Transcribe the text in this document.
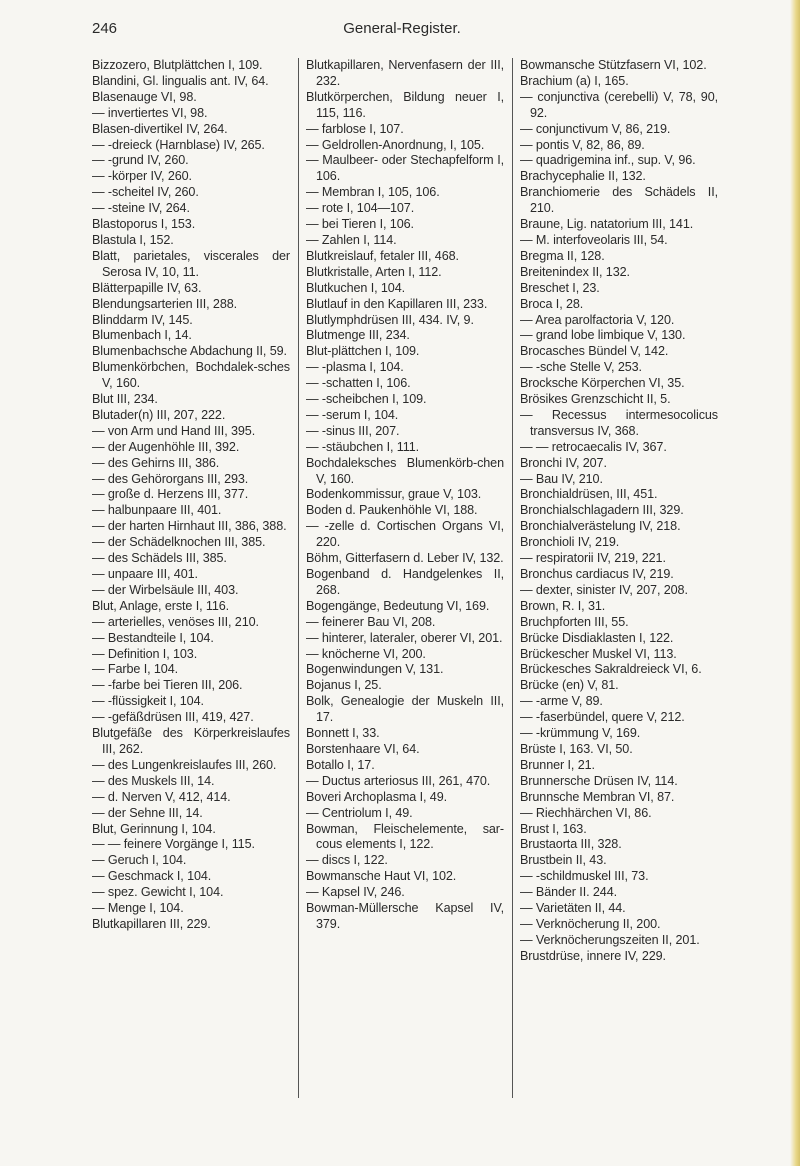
246	General-Register.

Bizzozero, Blutplättchen I, 109.

Blandini, Gl. lingualis ant. IV, 64.

Blasenauge VI, 98.

— invertiertes VI, 98.

Blasen-divertikel IV, 264.

— -dreieck (Harnblase) IV, 265.

— -grund IV, 260.

— -körper IV, 260.

— -scheitel IV, 260.

— -steine IV, 264.

Blastoporus I, 153.

Blastula I, 152.

Blatt, parietales, viscerales der Serosa IV, 10, 11.

Blätterpapille IV, 63.

Blendungsarterien III, 288.

Blinddarm IV, 145.

Blumenbach I, 14.

Blumenbachsche Abdachung II, 59.

Blumenkörbchen, Bochdalek-sches V, 160.

Blut III, 234.

Blutader(n) III, 207, 222.

— von Arm und Hand III, 395.

— der Augenhöhle III, 392.

— des Gehirns III, 386.

— des Gehörorgans III, 293.

— große d. Herzens III, 377.

— halbunpaare III, 401.

— der harten Hirnhaut III, 386, 388.

— der Schädelknochen III, 385.

— des Schädels III, 385.

— unpaare III, 401.

— der Wirbelsäule III, 403.

Blut, Anlage, erste I, 116.

— arterielles, venöses III, 210.

— Bestandteile I, 104.

— Definition I, 103.

— Farbe I, 104.

— -farbe bei Tieren III, 206.

— -flüssigkeit I, 104.

— -gefäßdrüsen III, 419, 427.

Blutgefäße des Körperkreislaufes III, 262.

— des Lungenkreislaufes III, 260.

— des Muskels III, 14.

— d. Nerven V, 412, 414.

— der Sehne III, 14.

Blut, Gerinnung I, 104.

— — feinere Vorgänge I, 115.

— Geruch I, 104.

— Geschmack I, 104.

— spez. Gewicht I, 104.

— Menge I, 104.

Blutkapillaren III, 229.

Blutkapillaren, Nervenfasern der III, 232.

Blutkörperchen, Bildung neuer I, 115, 116.

— farblose I, 107.

— Geldrollen-Anordnung, I, 105.

— Maulbeer- oder Stechapfelform I, 106.

— Membran I, 105, 106.

— rote I, 104—107.

— bei Tieren I, 106.

— Zahlen I, 114.

Blutkreislauf, fetaler III, 468.

Blutkristalle, Arten I, 112.

Blutkuchen I, 104.

Blutlauf in den Kapillaren III, 233.

Blutlymphdrüsen III, 434. IV, 9.

Blutmenge III, 234.

Blut-plättchen I, 109.

— -plasma I, 104.

— -schatten I, 106.

— -scheibchen I, 109.

— -serum I, 104.

— -sinus III, 207.

— -stäubchen I, 111.

Bochdaleksches Blumenkörb-chen V, 160.

Bodenkommissur, graue V, 103.

Boden d. Paukenhöhle VI, 188.

— -zelle d. Cortischen Organs VI, 220.

Böhm, Gitterfasern d. Leber IV, 132.

Bogenband d. Handgelenkes II, 268.

Bogengänge, Bedeutung VI, 169.

— feinerer Bau VI, 208.

— hinterer, lateraler, oberer VI, 201.

— knöcherne VI, 200.

Bogenwindungen V, 131.

Bojanus I, 25.

Bolk, Genealogie der Muskeln III, 17.

Bonnett I, 33.

Borstenhaare VI, 64.

Botallo I, 17.

— Ductus arteriosus III, 261, 470.

Boveri Archoplasma I, 49.

— Centriolum I, 49.

Bowman, Fleischelemente, sar-cous elements I, 122.

— discs I, 122.

Bowmansche Haut VI, 102.

— Kapsel IV, 246.

Bowman-Müllersche Kapsel IV, 379.

Bowmansche Stützfasern VI, 102.

Brachium (a) I, 165.

— conjunctiva (cerebelli) V, 78, 90, 92.

— conjunctivum V, 86, 219.

— pontis V, 82, 86, 89.

— quadrigemina inf., sup. V, 96.

Brachycephalie II, 132.

Branchiomerie des Schädels II, 210.

Braune, Lig. natatorium III, 141.

— M. interfoveolaris III, 54.

Bregma II, 128.

Breitenindex II, 132.

Breschet I, 23.

Broca I, 28.

— Area parolfactoria V, 120.

— grand lobe limbique V, 130.

Brocasches Bündel V, 142.

— -sche Stelle V, 253.

Brocksche Körperchen VI, 35.

Brösikes Grenzschicht II, 5.

— Recessus intermesocolicus transversus IV, 368.

— — retrocaecalis IV, 367.

Bronchi IV, 207.

— Bau IV, 210.

Bronchialdrüsen, III, 451.

Bronchialschlagadern III, 329.

Bronchialverästelung IV, 218.

Bronchioli IV, 219.

— respiratorii IV, 219, 221.

Bronchus cardiacus IV, 219.

— dexter, sinister IV, 207, 208.

Brown, R. I, 31.

Bruchpforten III, 55.

Brücke Disdiaklasten I, 122.

Brückescher Muskel VI, 113.

Brückesches Sakraldreieck VI, 6.

Brücke (en) V, 81.

— -arme V, 89.

— -faserbündel, quere V, 212.

— -krümmung V, 169.

Brüste I, 163. VI, 50.

Brunner I, 21.

Brunnersche Drüsen IV, 114.

Brunnsche Membran VI, 87.

— Riechhärchen VI, 86.

Brust I, 163.

Brustaorta III, 328.

Brustbein II, 43.

— -schildmuskel III, 73.

— Bänder II. 244.

— Varietäten II, 44.

— Verknöcherung II, 200.

— Verknöcherungszeiten II, 201.

Brustdrüse, innere IV, 229.
